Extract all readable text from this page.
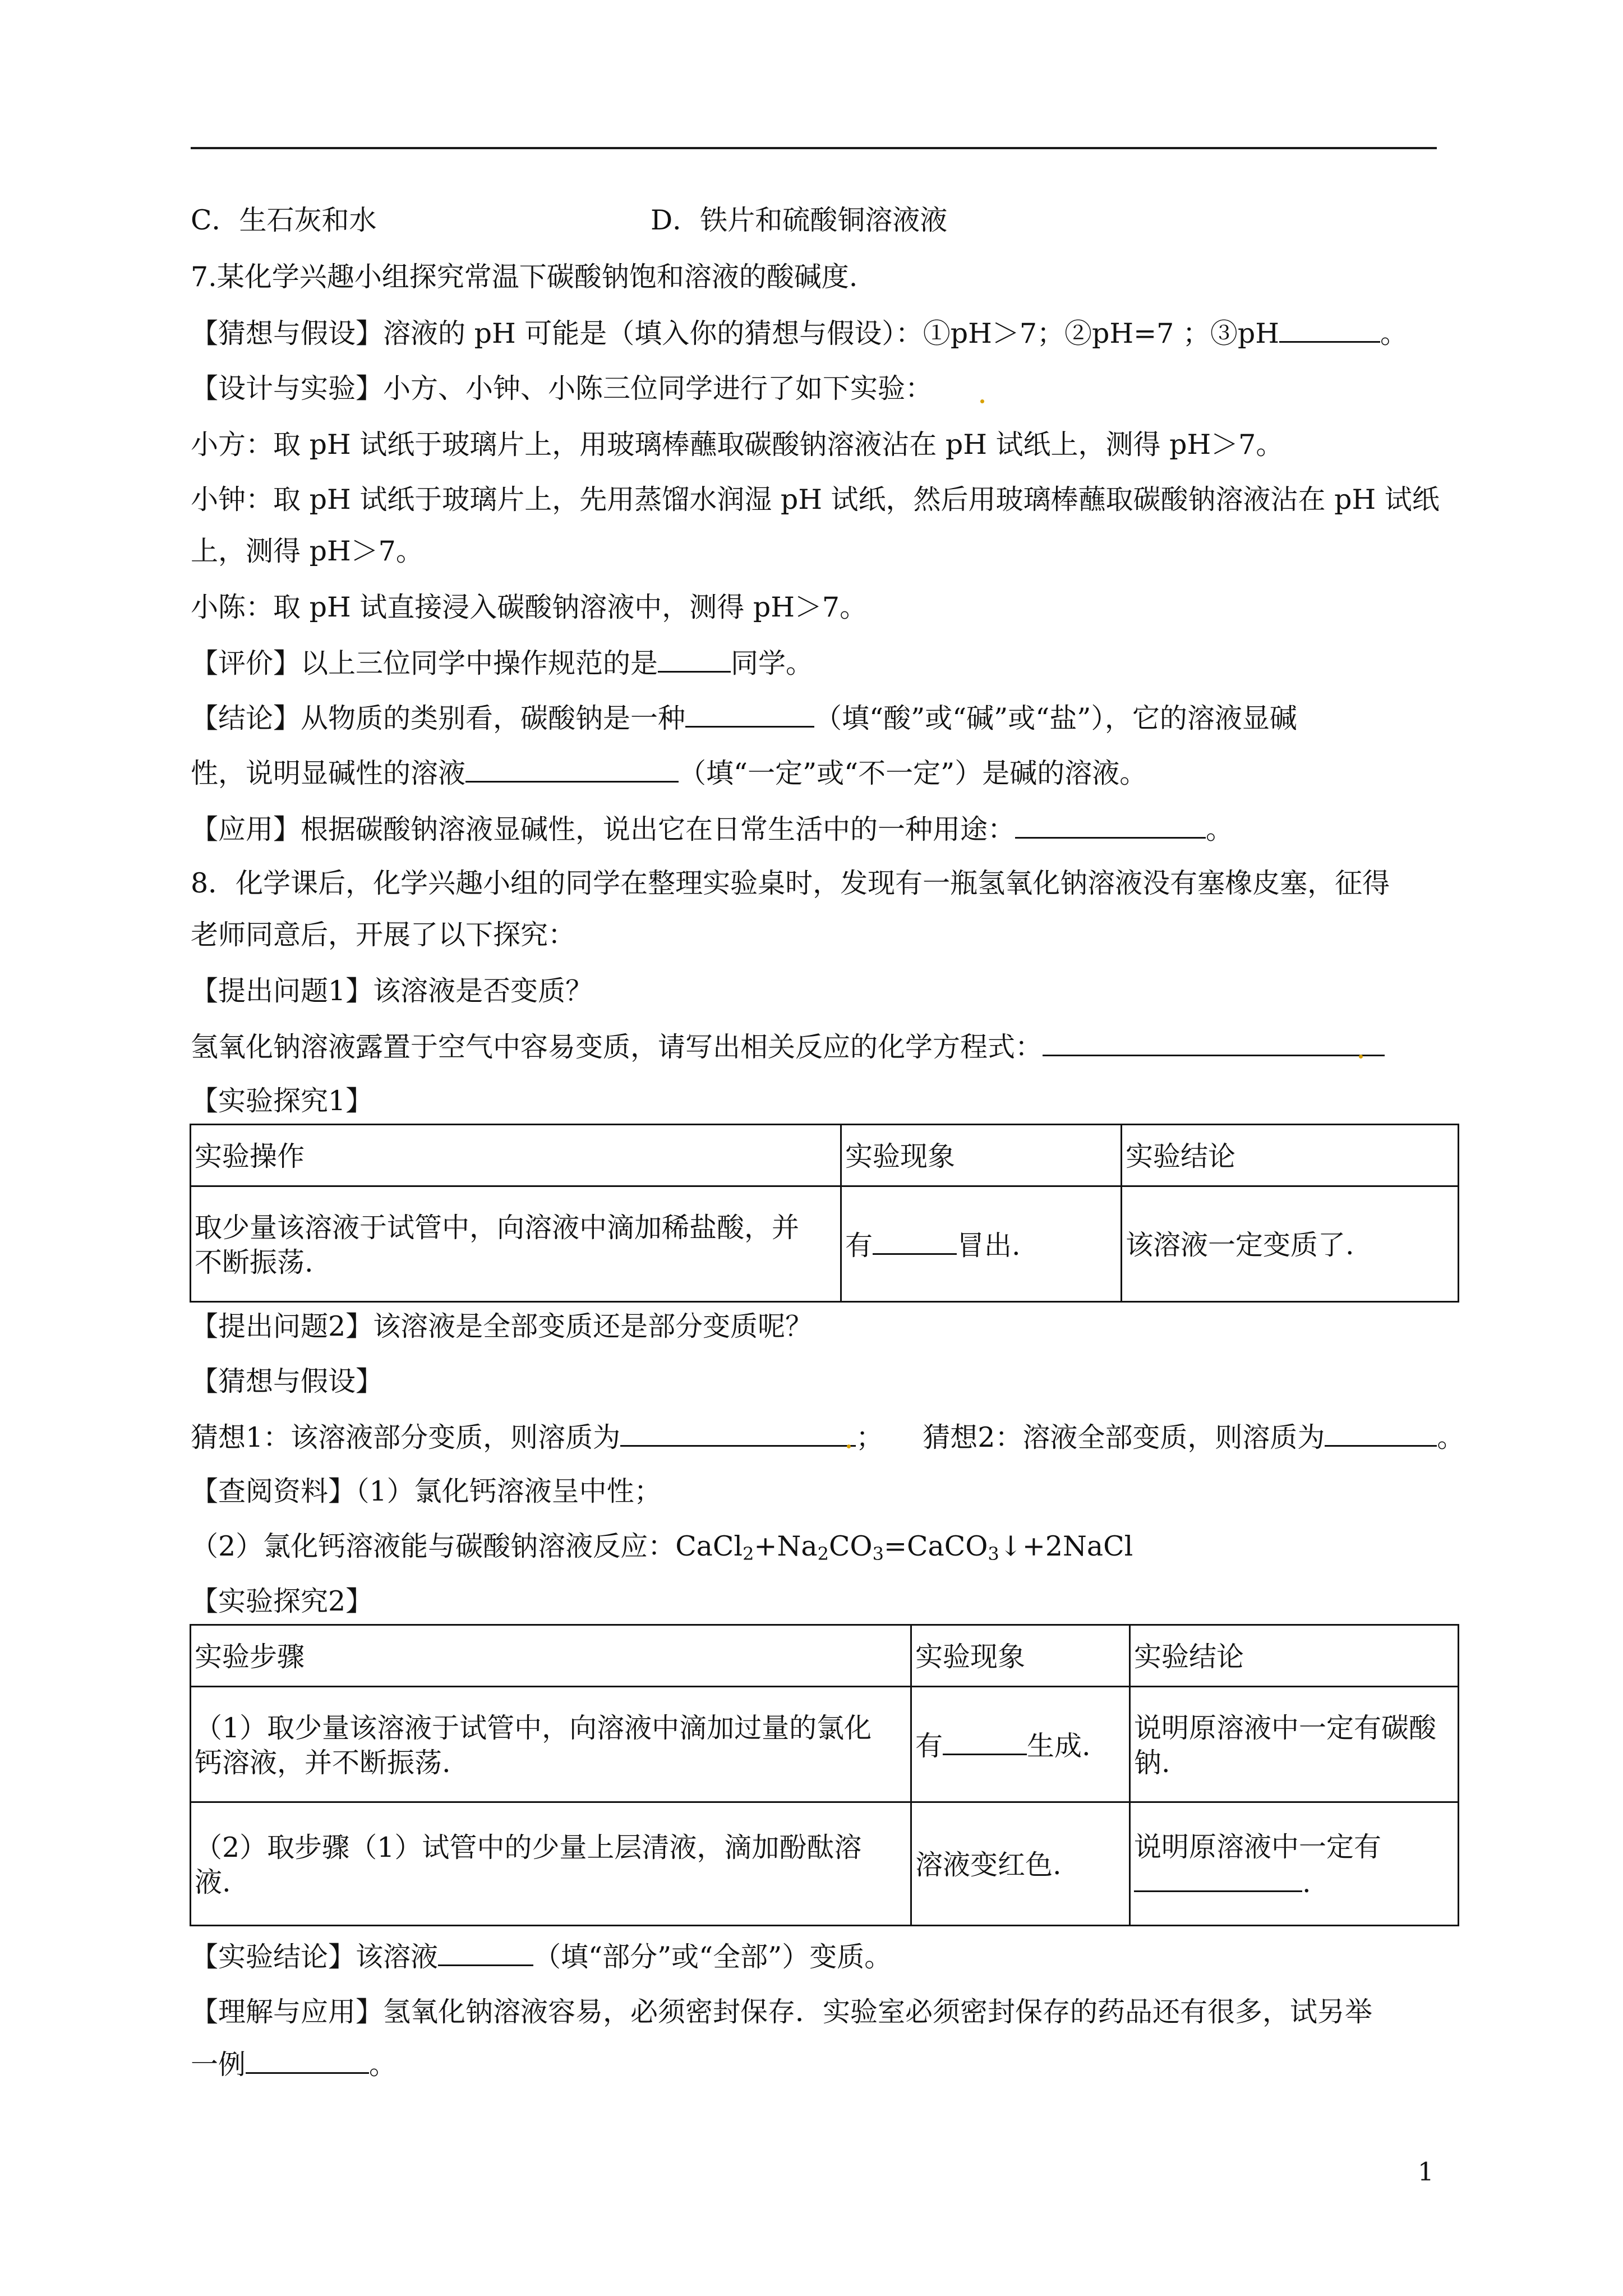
C．生石灰和水	D．铁片和硫酸铜溶液液
7.某化学兴趣小组探究常温下碳酸钠饱和溶液的酸碱度.
【猜想与假设】溶液的 pH 可能是（填入你的猜想与假设）：①pH＞7；②pH=7 ；③pH	。
【设计与实验】小方、小钟、小陈三位同学进行了如下实验：
小方：取 pH 试纸于玻璃片上，用玻璃棒蘸取碳酸钠溶液沾在 pH 试纸上，测得 pH＞7。
小钟：取 pH 试纸于玻璃片上，先用蒸馏水润湿 pH 试纸，然后用玻璃棒蘸取碳酸钠溶液沾在 pH 试纸
上，测得 pH＞7。
小陈：取 pH 试直接浸入碳酸钠溶液中，测得 pH＞7。
【评价】以上三位同学中操作规范的是	同学。
【结论】从物质的类别看，碳酸钠是一种	（填“酸”或“碱”或“盐”），它的溶液显碱
性，说明显碱性的溶液	（填“一定”或“不一定”）是碱的溶液。
【应用】根据碳酸钠溶液显碱性，说出它在日常生活中的一种用途：	。
8．化学课后，化学兴趣小组的同学在整理实验桌时，发现有一瓶氢氧化钠溶液没有塞橡皮塞，征得
老师同意后，开展了以下探究：
【提出问题1】该溶液是否变质？
氢氧化钠溶液露置于空气中容易变质，请写出相关反应的化学方程式：
【实验探究1】
实验操作	实验现象	实验结论
取少量该溶液于试管中，向溶液中滴加稀盐酸，并
不断振荡.	有 冒出.	该溶液一定变质了.
【提出问题2】该溶液是全部变质还是部分变质呢？
【猜想与假设】
猜想1：该溶液部分变质，则溶质为	； 猜想2：溶液全部变质，则溶质为	。
【查阅资料】（1）氯化钙溶液呈中性；
（2）氯化钙溶液能与碳酸钠溶液反应：$CaCl_2+Na_2CO_3=CaCO_3↓+2NaCl$
【实验探究2】
实验步骤	实验现象	实验结论
（1）取少量该溶液于试管中，向溶液中滴加过量的氯化
钙溶液，并不断振荡.	有 生成.	说明原溶液中一定有碳酸
钠.
（2）取步骤（1）试管中的少量上层清液，滴加酚酞溶
液.	溶液变红色.	说明原溶液中一定有
.
【实验结论】该溶液	（填“部分”或“全部”）变质。
【理解与应用】氢氧化钠溶液容易，必须密封保存．实验室必须密封保存的药品还有很多，试另举
一例	。
1
